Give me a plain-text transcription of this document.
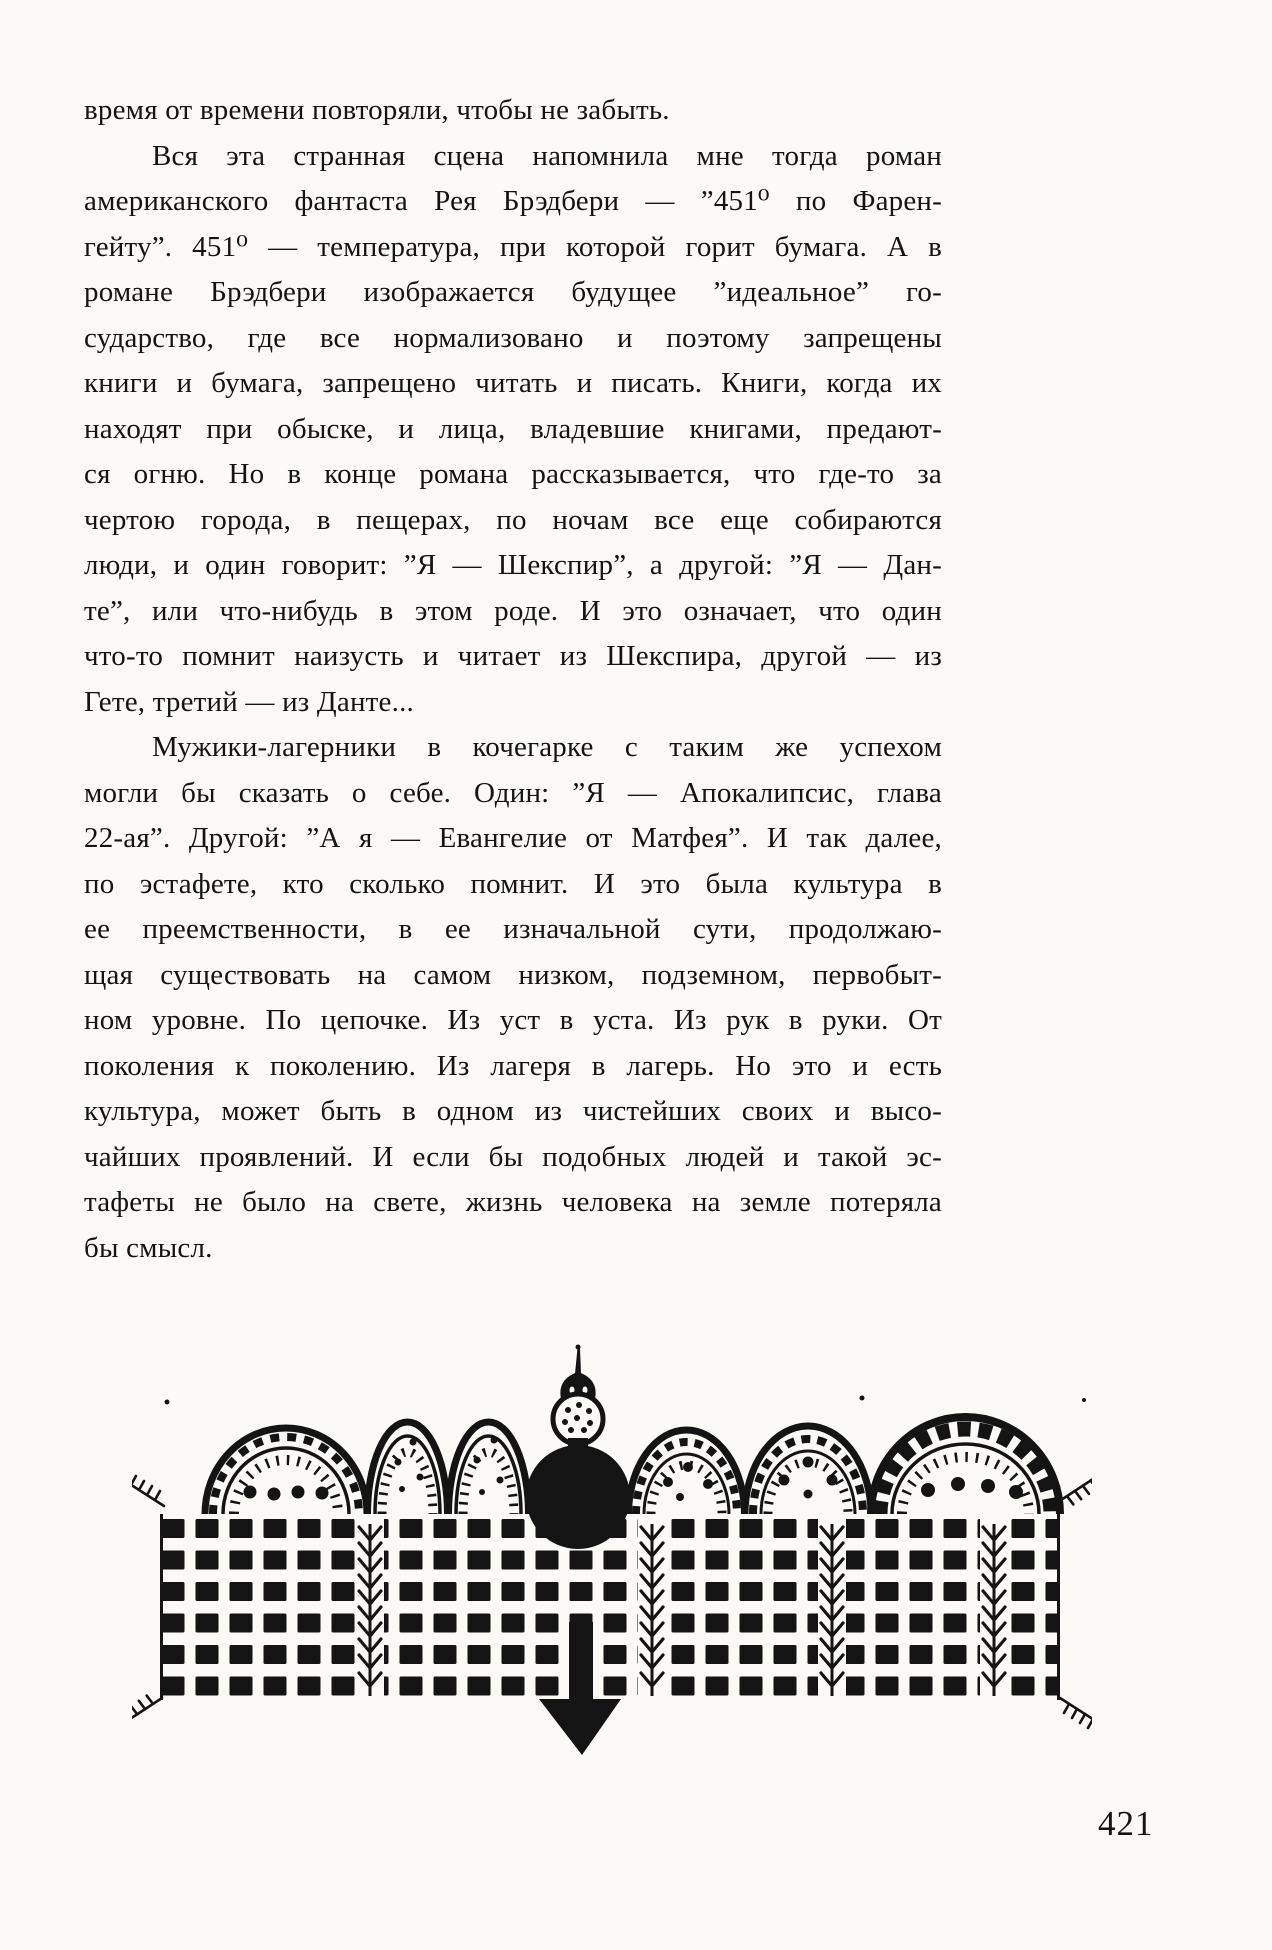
время от времени повторяли, чтобы не забыть.
Вся эта странная сцена напомнила мне тогда роман
американского фантаста Рея Брэдбери — ”451⁰ по Фарен-
гейту”. 451⁰ — температура, при которой горит бумага. А в
романе Брэдбери изображается будущее ”идеальное” го-
сударство, где все нормализовано и поэтому запрещены
книги и бумага, запрещено читать и писать. Книги, когда их
находят при обыске, и лица, владевшие книгами, предают-
ся огню. Но в конце романа рассказывается, что где-то за
чертою города, в пещерах, по ночам все еще собираются
люди, и один говорит: ”Я — Шекспир”, а другой: ”Я — Дан-
те”, или что-нибудь в этом роде. И это означает, что один
что-то помнит наизусть и читает из Шекспира, другой — из
Гете, третий — из Данте...
Мужики-лагерники в кочегарке с таким же успехом
могли бы сказать о себе. Один: ”Я — Апокалипсис, глава
22-ая”. Другой: ”А я — Евангелие от Матфея”. И так далее,
по эстафете, кто сколько помнит. И это была культура в
ее преемственности, в ее изначальной сути, продолжаю-
щая существовать на самом низком, подземном, первобыт-
ном уровне. По цепочке. Из уст в уста. Из рук в руки. От
поколения к поколению. Из лагеря в лагерь. Но это и есть
культура, может быть в одном из чистейших своих и высо-
чайших проявлений. И если бы подобных людей и такой эс-
тафеты не было на свете, жизнь человека на земле потеряла
бы смысл.
421
